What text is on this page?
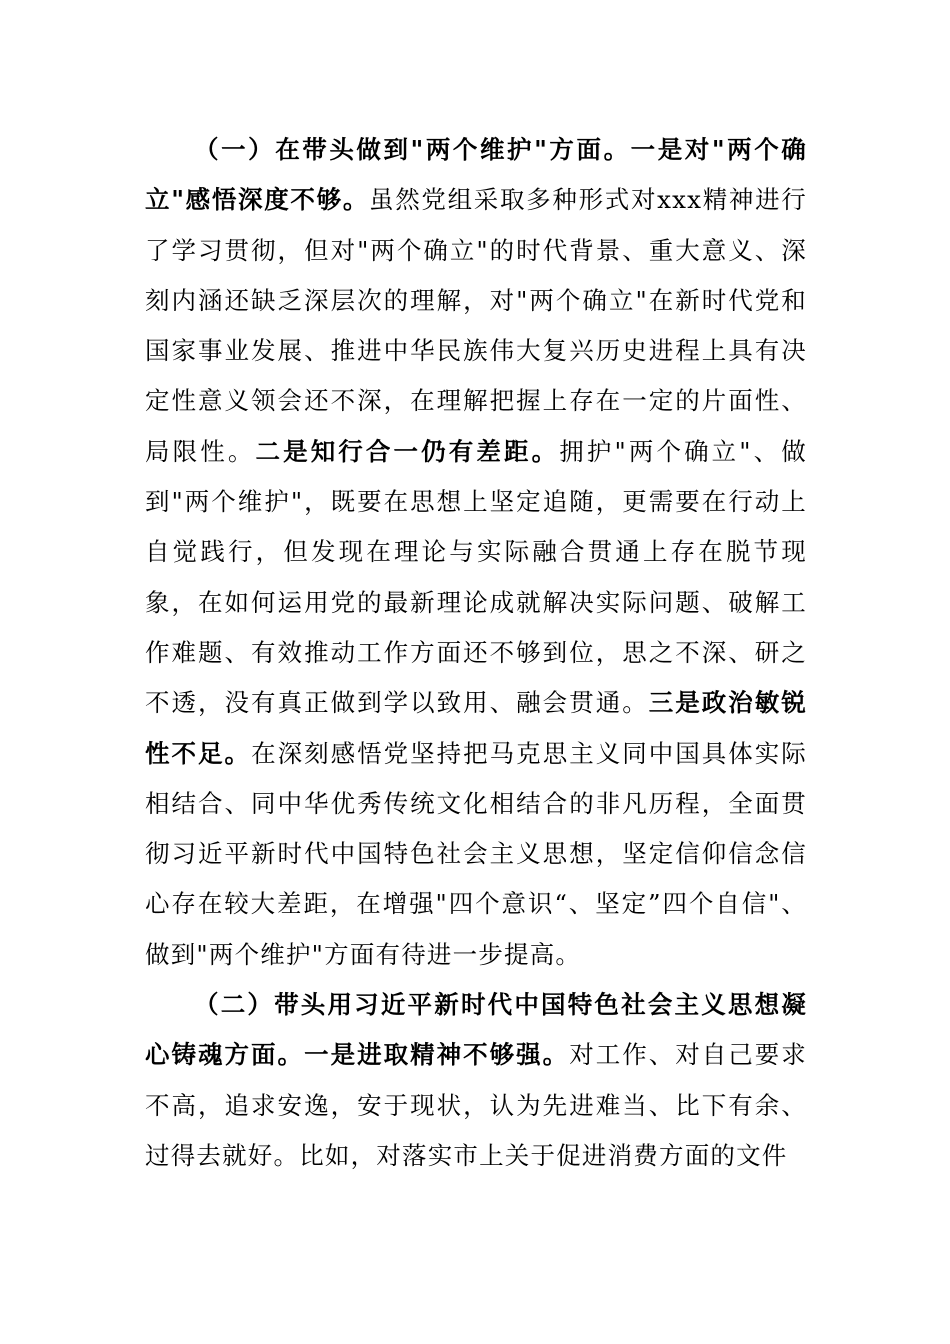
（一）在带头做到"两个维护"方面。一是对"两个确立"感悟深度不够。虽然党组采取多种形式对xxx精神进行了学习贯彻，但对"两个确立"的时代背景、重大意义、深刻内涵还缺乏深层次的理解，对"两个确立"在新时代党和国家事业发展、推进中华民族伟大复兴历史进程上具有决定性意义领会还不深，在理解把握上存在一定的片面性、局限性。二是知行合一仍有差距。拥护"两个确立"、做到"两个维护"，既要在思想上坚定追随，更需要在行动上自觉践行，但发现在理论与实际融合贯通上存在脱节现象，在如何运用党的最新理论成就解决实际问题、破解工作难题、有效推动工作方面还不够到位，思之不深、研之不透，没有真正做到学以致用、融会贯通。三是政治敏锐性不足。在深刻感悟党坚持把马克思主义同中国具体实际相结合、同中华优秀传统文化相结合的非凡历程，全面贯彻习近平新时代中国特色社会主义思想，坚定信仰信念信心存在较大差距，在增强"四个意识“、坚定”四个自信"、做到"两个维护"方面有待进一步提高。

（二）带头用习近平新时代中国特色社会主义思想凝心铸魂方面。一是进取精神不够强。对工作、对自己要求不高，追求安逸，安于现状，认为先进难当、比下有余、过得去就好。比如，对落实市上关于促进消费方面的文件
